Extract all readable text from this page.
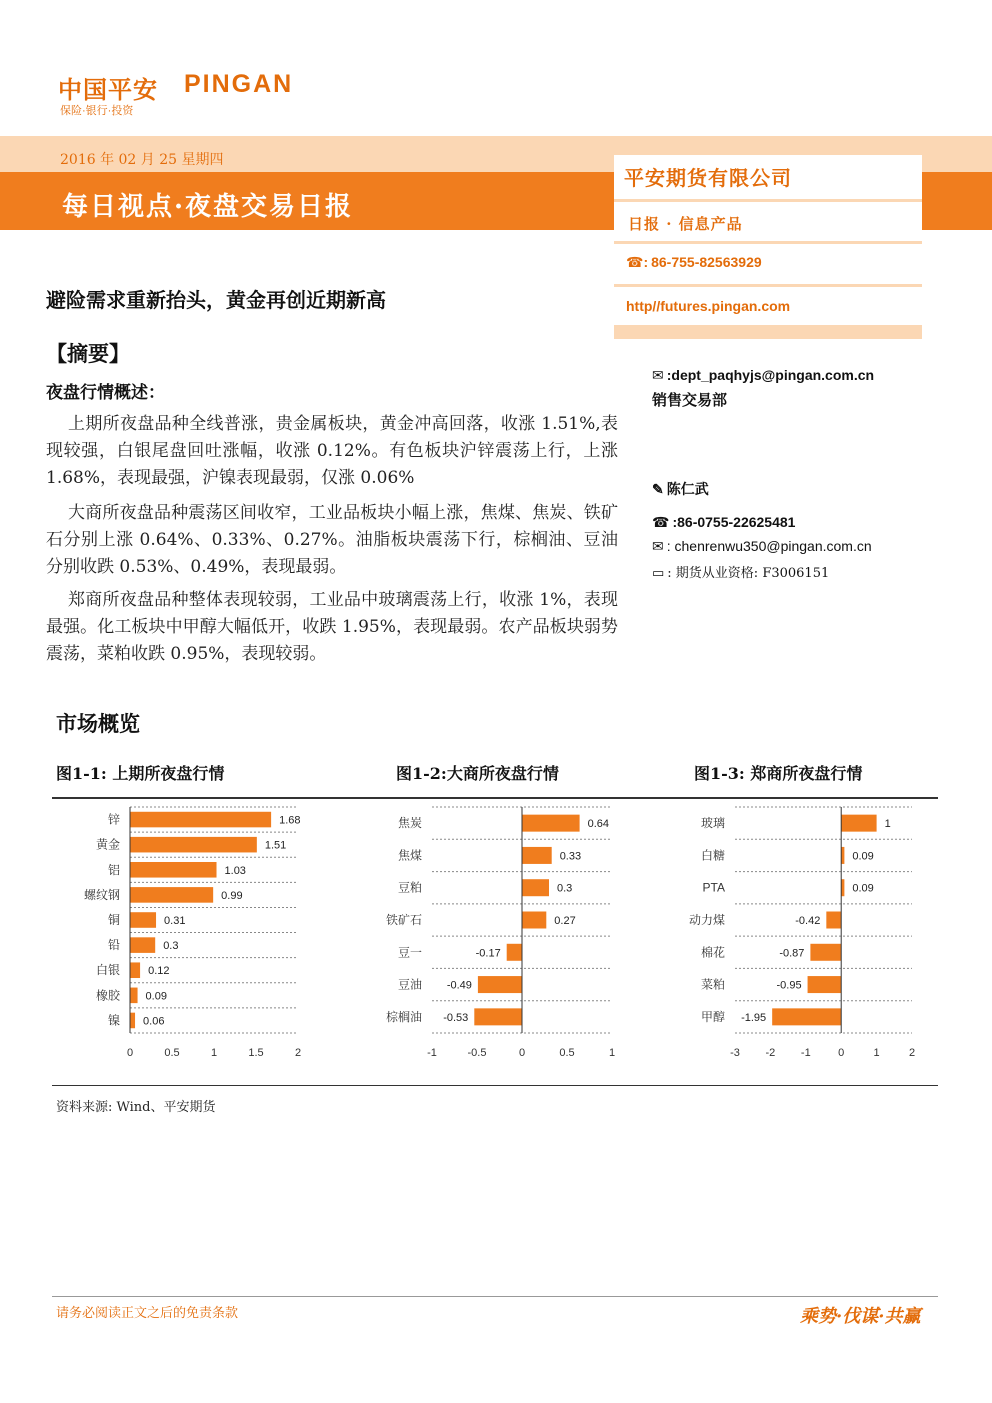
中国平安 PINGAN
保险·银行·投资
2016 年 02 月 25 星期四
每日视点·夜盘交易日报
平安期货有限公司
日报 · 信息产品
☎: 86-755-82563929
http//futures.pingan.com
避险需求重新抬头，黄金再创近期新高
【摘要】
夜盘行情概述：
上期所夜盘品种全线普涨，贵金属板块，黄金冲高回落，收涨 1.51%,表现较强，白银尾盘回吐涨幅，收涨 0.12%。有色板块沪锌震荡上行，上涨 1.68%，表现最强，沪镍表现最弱，仅涨 0.06%
大商所夜盘品种震荡区间收窄，工业品板块小幅上涨，焦煤、焦炭、铁矿石分别上涨 0.64%、0.33%、0.27%。油脂板块震荡下行，棕榈油、豆油分别收跌 0.53%、0.49%，表现最弱。
郑商所夜盘品种整体表现较弱，工业品中玻璃震荡上行，收涨 1%，表现最强。化工板块中甲醇大幅低开，收跌 1.95%，表现最弱。农产品板块弱势震荡，菜粕收跌 0.95%，表现较弱。
✉ :dept_paqhyjs@pingan.com.cn
销售交易部
✎ 陈仁武
☎ :86-0755-22625481
✉ : chenrenwu350@pingan.com.cn
▭ : 期货从业资格: F3006151
市场概览
图1-1: 上期所夜盘行情	图1-2:大商所夜盘行情	图1-3: 郑商所夜盘行情
锌	1.68
黄金	1.51
铝	1.03
螺纹钢	0.99
铜	0.31
铅	0.3
白银	0.12
橡胶 0.09
镍 0.06
0	0.5	1	1.5	2
焦炭	0.64
焦煤	0.33
豆粕	0.3
铁矿石	0.27
豆一	-0.17
豆油 -0.49
棕榈油 -0.53
-1	-0.5	0	0.5	1
玻璃	1
白糖	0.09
PTA	0.09
动力煤	-0.42
棉花	-0.87
菜粕	-0.95
甲醇 -1.95
-3 -2 -1 0	1	2
资料来源: Wind、平安期货
请务必阅读正文之后的免责条款	乘势·伐谋·共赢
